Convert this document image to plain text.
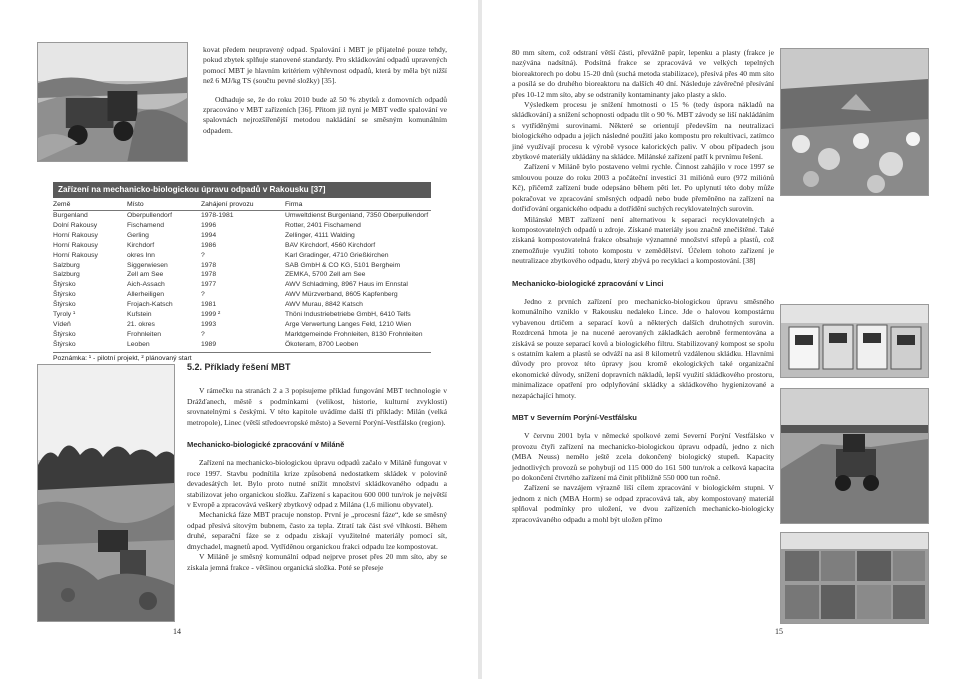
kovat předem neupravený odpad. Spalování i MBT je přijatelné pouze tehdy, pokud zbytek splňuje stanovené standardy. Pro skládkování odpadů upravených pomocí MBT je hlavním kritériem výhřevnost odpadů, která by měla být nižší než 6 MJ/kg TS (součtu pevné složky) [35].

Odhaduje se, že do roku 2010 bude až 50 % zbytků z domovních odpadů zpracováno v MBT zařízeních [36]. Přitom již nyní je MBT vedle spalování ve spalovnách nejrozšířenější metodou nakládání se směsným komunálním odpadem.

Zařízení na mechanicko-biologickou úpravu odpadů v Rakousku [37]
Země	Místo	Zahájení provozu	Firma
Burgenland	Oberpullendorf	1978-1981	Umweltdienst Burgenland, 7350 Oberpullendorf
Dolní Rakousy	Fischamend	1996	Rotter, 2401 Fischamend
Horní Rakousy	Gerling	1994	Zellinger, 4111 Walding
Horní Rakousy	Kirchdorf	1986	BAV Kirchdorf, 4560 Kirchdorf
Horní Rakousy	okres Inn	?	Karl Gradinger, 4710 Grießkirchen
Salzburg	Siggerwiesen	1978	SAB GmbH & CO KG, 5101 Bergheim
Salzburg	Zell am See	1978	ZEMKA, 5700 Zell am See
Štýrsko	Aich-Assach	1977	AWV Schladming, 8967 Haus im Ennstal
Štýrsko	Allerheiligen	?	AWV Mürzverband, 8605 Kapfenberg
Štýrsko	Frojach-Katsch	1981	AWV Murau, 8842 Katsch
Tyroly ¹	Kufstein	1999 ²	Thöni Industriebetriebe GmbH, 6410 Telfs
Vídeň	21. okres	1993	Arge Verwertung Langes Feld, 1210 Wien
Štýrsko	Frohnleiten	?	Marktgemeinde Frohnleiten, 8130 Frohnleiten
Štýrsko	Leoben	1989	Ökoteram, 8700 Leoben
Poznámka: ¹ - pilotní projekt, ² plánovaný start
5.2. Příklady řešení MBT

V rámečku na stranách 2 a 3 popisujeme příklad fungování MBT technologie v Drážďanech, městě s podmínkami (velikost, historie, kulturní zvyklosti) srovnatelnými s českými. V této kapitole uvádíme další tři příklady: Milán (velká metropole), Linec (větší středoevropské město) a Severní Porýní-Vestfálsko (region).

Mechanicko-biologické zpracování v Miláně

Zařízení na mechanicko-biologickou úpravu odpadů začalo v Miláně fungovat v roce 1997. Stavbu podnítila krize způsobená nedostatkem skládek v polovině devadesátých let. Bylo proto nutné snížit množství skládkovaného odpadu a stabilizovat jeho organickou složku. Zařízení s kapacitou 600 000 tun/rok je největší v Evropě a zpracovává veškerý zbytkový odpad z Milána (1,6 milionu obyvatel).

Mechanická fáze MBT pracuje nonstop. První je „procesní fáze“, kde se směsný odpad přesívá sítovým bubnem, často za tepla. Ztratí tak část své vlhkosti. Během druhé, separační fáze se z odpadu získají využitelné materiály pomocí sít, dmychadel, magnetů apod. Vytříděnou organickou frakci odpadu lze kompostovat.

V Miláně je směsný komunální odpad nejprve proset přes 20 mm síto, aby se získala jemná frakce - většinou organická složka. Poté se přeseje

14

80 mm sítem, což odstraní větší části, převážně papír, lepenku a plasty (frakce je nazývána nadsítná). Podsítná frakce se zpracovává ve velkých tepelných bioreaktorech po dobu 15-20 dnů (suchá metoda stabilizace), přesívá přes 40 mm síto a posílá se do druhého bioreaktoru na dalších 40 dní. Následuje závěrečné přesívání přes 10-12 mm síto, aby se odstranily kontaminanty jako plasty a sklo.

Výsledkem procesu je snížení hmotnosti o 15 % (tedy úspora nákladů na skládkování) a snížení schopnosti odpadu tlít o 90 %. MBT závody se liší nakládáním s vytříděnými surovinami. Některé se orientují především na neutralizaci biologického odpadu a jejich následné použití jako kompostu pro rekultivaci, zatímco jiné využívají procesu k výrobě vysoce kalorických paliv. V obou případech jsou zbytkové materiály ukládány na skládce. Milánské zařízení patří k prvnímu řešení.

Zařízení v Miláně bylo postaveno velmi rychle. Činnost zahájilo v roce 1997 se smlouvou pouze do roku 2003 a počáteční investicí 31 miliónů euro (972 miliónů Kč), přičemž zařízení bude odepsáno během pěti let. Po uplynutí této doby může pokračovat ve zpracování směsných odpadů nebo bude přeměněno na zařízení na dotřiďování organického odpadu a dotřídění suchých recyklovatelných surovin.

Milánské MBT zařízení není alternativou k separaci recyklovatelných a kompostovatelných odpadů u zdroje. Získané materiály jsou značně znečištěné. Také získaná kompostovatelná frakce obsahuje významné množství střepů a plastů, což znemožňuje využití tohoto kompostu v zemědělství. Účelem tohoto zařízení je neutralizace zbytkového odpadu, který zbývá po recyklaci a kompostování. [38]

Mechanicko-biologické zpracování v Linci

Jedno z prvních zařízení pro mechanicko-biologickou úpravu směsného komunálního vzniklo v Rakousku nedaleko Lince. Jde o halovou kompostárnu vybavenou drtičem a separací kovů a některých dalších druhotných surovin. Rozdrcená hmota je na nucené aerovaných základkách aerobně fermentována a získává se pouze separací kovů a biologického filtru. Stabilizovaný kompost se spolu s ostatním kalem a plastů se odváží na asi 8 kilometrů vzdálenou skládku. Hlavními důvody pro provoz této úpravy jsou kromě ekologických také organizační ekonomické důvody, snížení dopravních nákladů, lepší využití skládkového prostoru, minimalizace opatření pro odplyňování skládky a skládkového hygienizované a nezapáchající hmoty.

MBT v Severním Porýní-Vestfálsku

V červnu 2001 byla v německé spolkové zemi Severní Porýní Vestfálsko v provozu čtyři zařízení na mechanicko-biologickou úpravu odpadů, jedno z nich (MBA Neuss) nemělo ještě zcela dokončený biologický stupeň. Kapacity jednotlivých provozů se pohybují od 115 000 do 161 500 tun/rok a celková kapacita po dokončení čtvrtého zařízení má činit přibližně 550 000 tun ročně.

Zařízení se navzájem výrazně liší cílem zpracování v biologickém stupni. V jednom z nich (MBA Horm) se odpad zpracovává tak, aby kompostovaný materiál splňoval podmínky pro uložení, ve dvou zařízeních mechanicko-biologicky zpracovávaného odpadu a mohl být uložen přímo

15
